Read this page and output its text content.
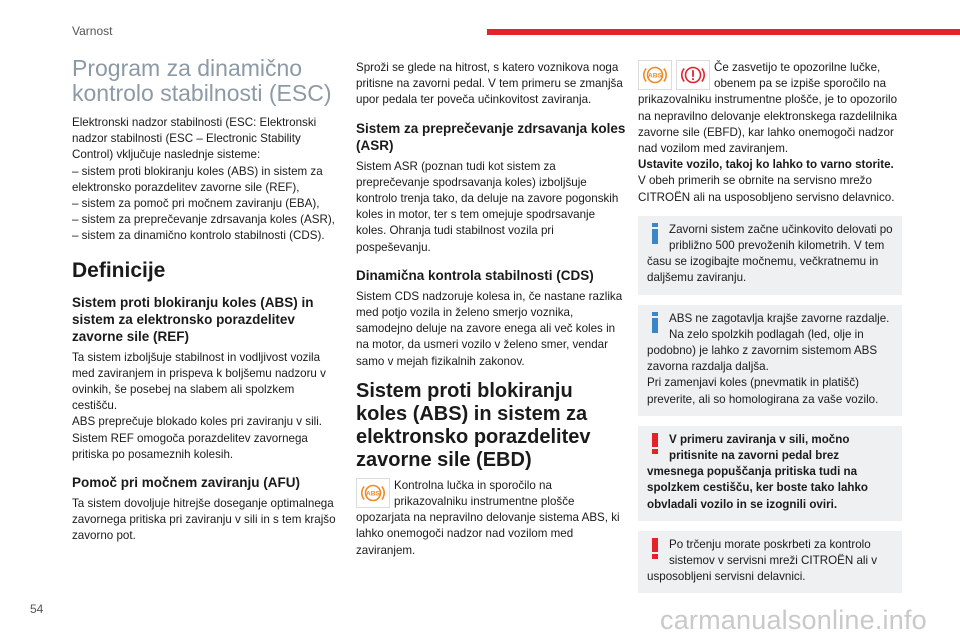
Varnost
Program za dinamično kontrolo stabilnosti (ESC)

Elektronski nadzor stabilnosti (ESC: Elektronski nadzor stabilnosti (ESC – Electronic Stability Control) vključuje naslednje sisteme:
– sistem proti blokiranju koles (ABS) in sistem za elektronsko porazdelitev zavorne sile (REF),
– sistem za pomoč pri močnem zaviranju (EBA),
– sistem za preprečevanje zdrsavanja koles (ASR),
– sistem za dinamično kontrolo stabilnosti (CDS).

Definicije
Sistem proti blokiranju koles (ABS) in sistem za elektronsko porazdelitev zavorne sile (REF)

Ta sistem izboljšuje stabilnost in vodljivost vozila med zaviranjem in prispeva k boljšemu nadzoru v ovinkih, še posebej na slabem ali spolzkem cestišču.
ABS preprečuje blokado koles pri zaviranju v sili. Sistem REF omogoča porazdelitev zavornega pritiska po posameznih kolesih.

Pomoč pri močnem zaviranju (AFU)

Ta sistem dovoljuje hitrejše doseganje optimalnega zavornega pritiska pri zaviranju v sili in s tem krajšo zavorno pot.

Sproži se glede na hitrost, s katero voznikova noga pritisne na zavorni pedal. V tem primeru se zmanjša upor pedala ter poveča učinkovitost zaviranja.

Sistem za preprečevanje zdrsavanja koles (ASR)

Sistem ASR (poznan tudi kot sistem za preprečevanje spodrsavanja koles) izboljšuje kontrolo trenja tako, da deluje na zavore pogonskih koles in motor, ter s tem omejuje spodrsavanje koles. Ohranja tudi stabilnost vozila pri pospeševanju.

Dinamična kontrola stabilnosti (CDS)

Sistem CDS nadzoruje kolesa in, če nastane razlika med potjo vozila in želeno smerjo voznika, samodejno deluje na zavore enega ali več koles in na motor, da usmeri vozilo v želeno smer, vendar samo v mejah fizikalnih zakonov.

Sistem proti blokiranju koles (ABS) in sistem za elektronsko porazdelitev zavorne sile (EBD)
ABS

Kontrolna lučka in sporočilo na prikazovalniku instrumentne plošče opozarjata na nepravilno delovanje sistema ABS, ki lahko onemogoči nadzor nad vozilom med zaviranjem.

ABS

Če zasvetijo te opozorilne lučke, obenem pa se izpiše sporočilo na prikazovalniku instrumentne plošče, je to opozorilo na nepravilno delovanje elektronskega razdelilnika zavorne sile (EBFD), kar lahko onemogoči nadzor nad vozilom med zaviranjem.

Ustavite vozilo, takoj ko lahko to varno storite.

V obeh primerih se obrnite na servisno mrežo CITROËN ali na usposobljeno servisno delavnico.

Zavorni sistem začne učinkovito delovati po približno 500 prevoženih kilometrih. V tem času se izogibajte močnemu, večkratnemu in daljšemu zaviranju.

ABS ne zagotavlja krajše zavorne razdalje. Na zelo spolzkih podlagah (led, olje in podobno) je lahko z zavornim sistemom ABS zavorna razdalja daljša.
Pri zamenjavi koles (pnevmatik in platišč) preverite, ali so homologirana za vaše vozilo.

V primeru zaviranja v sili, močno pritisnite na zavorni pedal brez vmesnega popuščanja pritiska tudi na spolzkem cestišču, ker boste tako lahko obvladali vozilo in se izognili oviri.

Po trčenju morate poskrbeti za kontrolo sistemov v servisni mreži CITROËN ali v usposobljeni servisni delavnici.

54	carmanualsonline.info
